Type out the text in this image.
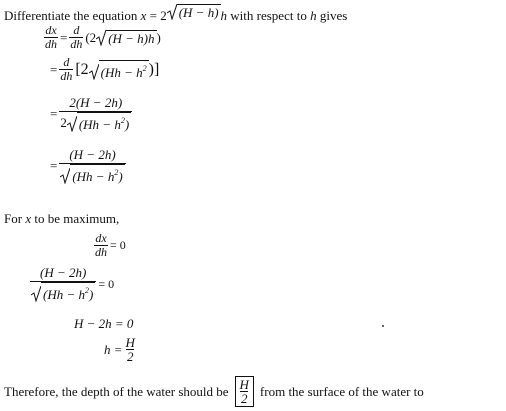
Differentiate the equation x = 2 (H − h) h with respect to h gives
$\frac{dx}{dh} = \frac{d}{dh} (2$ (H − h)h )
= $\frac{d}{dh} [2$ ($Hh - h^2$ )]
= $\frac{2(H - 2h)}{2 (Hh - h^2)}$
= $\frac{(H - 2h)}{(Hh - h^2)}$
For x to be maximum,
$\frac{dx}{dh} = 0$
$\frac{(H - 2h)}{(Hh - h^2)} = 0$
H − 2h = 0
$h = \frac{H}{2}$
Therefore, the depth of the water should be $\frac{H}{2}$ from the surface of the water to
